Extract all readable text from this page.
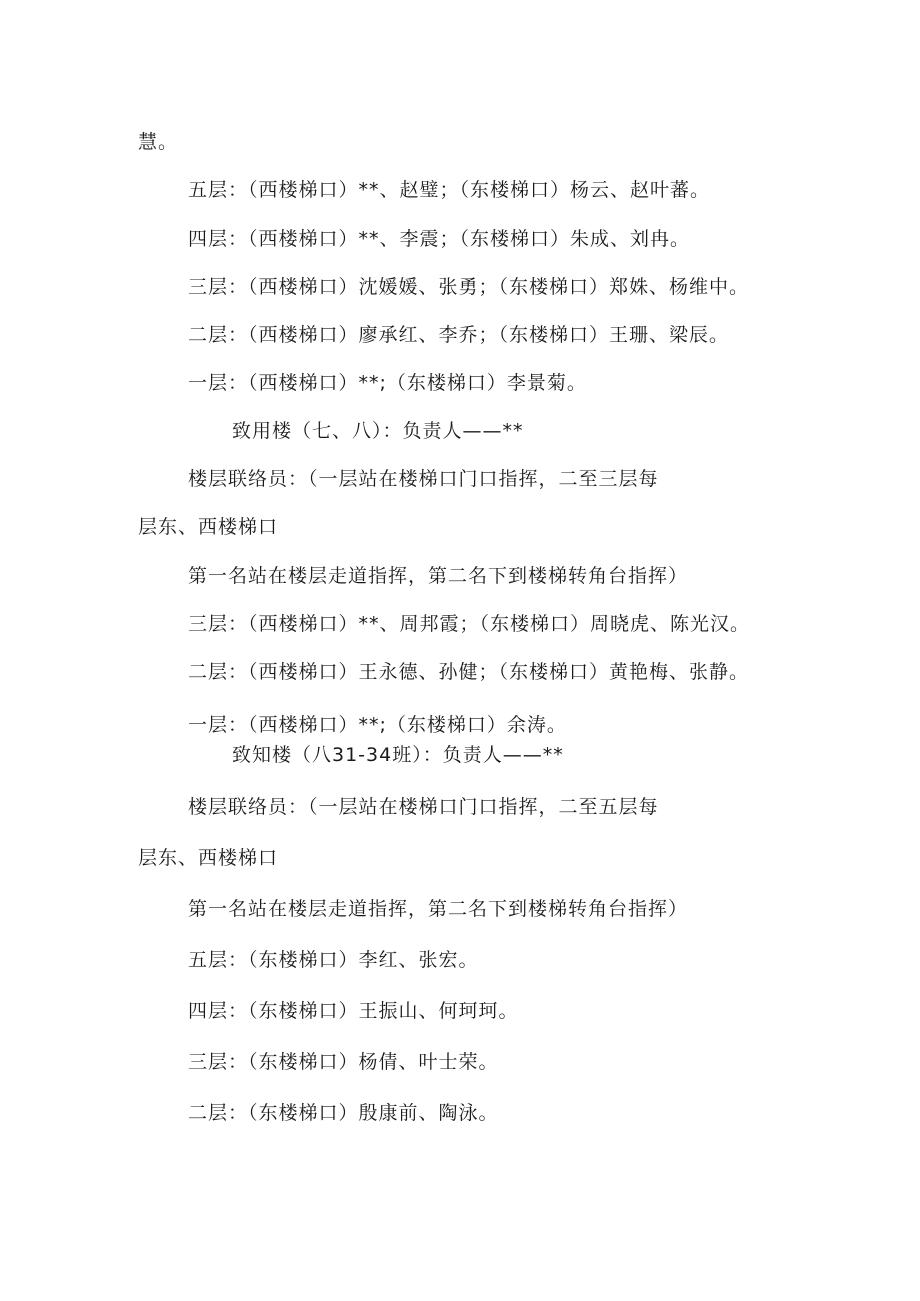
慧。
五层：（西楼梯口）**、赵璧；（东楼梯口）杨云、赵叶蕃。
四层：（西楼梯口）**、李震；（东楼梯口）朱成、刘冉。
三层：（西楼梯口）沈媛媛、张勇；（东楼梯口）郑姝、杨维中。
二层：（西楼梯口）廖承红、李乔；（东楼梯口）王珊、梁辰。
一层：（西楼梯口）**;（东楼梯口）李景菊。
致用楼（七、八）：负责人——**
楼层联络员：（一层站在楼梯口门口指挥，二至三层每
层东、西楼梯口
第一名站在楼层走道指挥，第二名下到楼梯转角台指挥）
三层：（西楼梯口）**、周邦霞；（东楼梯口）周晓虎、陈光汉。
二层：（西楼梯口）王永德、孙健；（东楼梯口）黄艳梅、张静。
一层：（西楼梯口）**;（东楼梯口）余涛。
致知楼（八31-34班）：负责人——**
楼层联络员：（一层站在楼梯口门口指挥，二至五层每
层东、西楼梯口
第一名站在楼层走道指挥，第二名下到楼梯转角台指挥）
五层：（东楼梯口）李红、张宏。
四层：（东楼梯口）王振山、何珂珂。
三层：（东楼梯口）杨倩、叶士荣。
二层：（东楼梯口）殷康前、陶泳。
